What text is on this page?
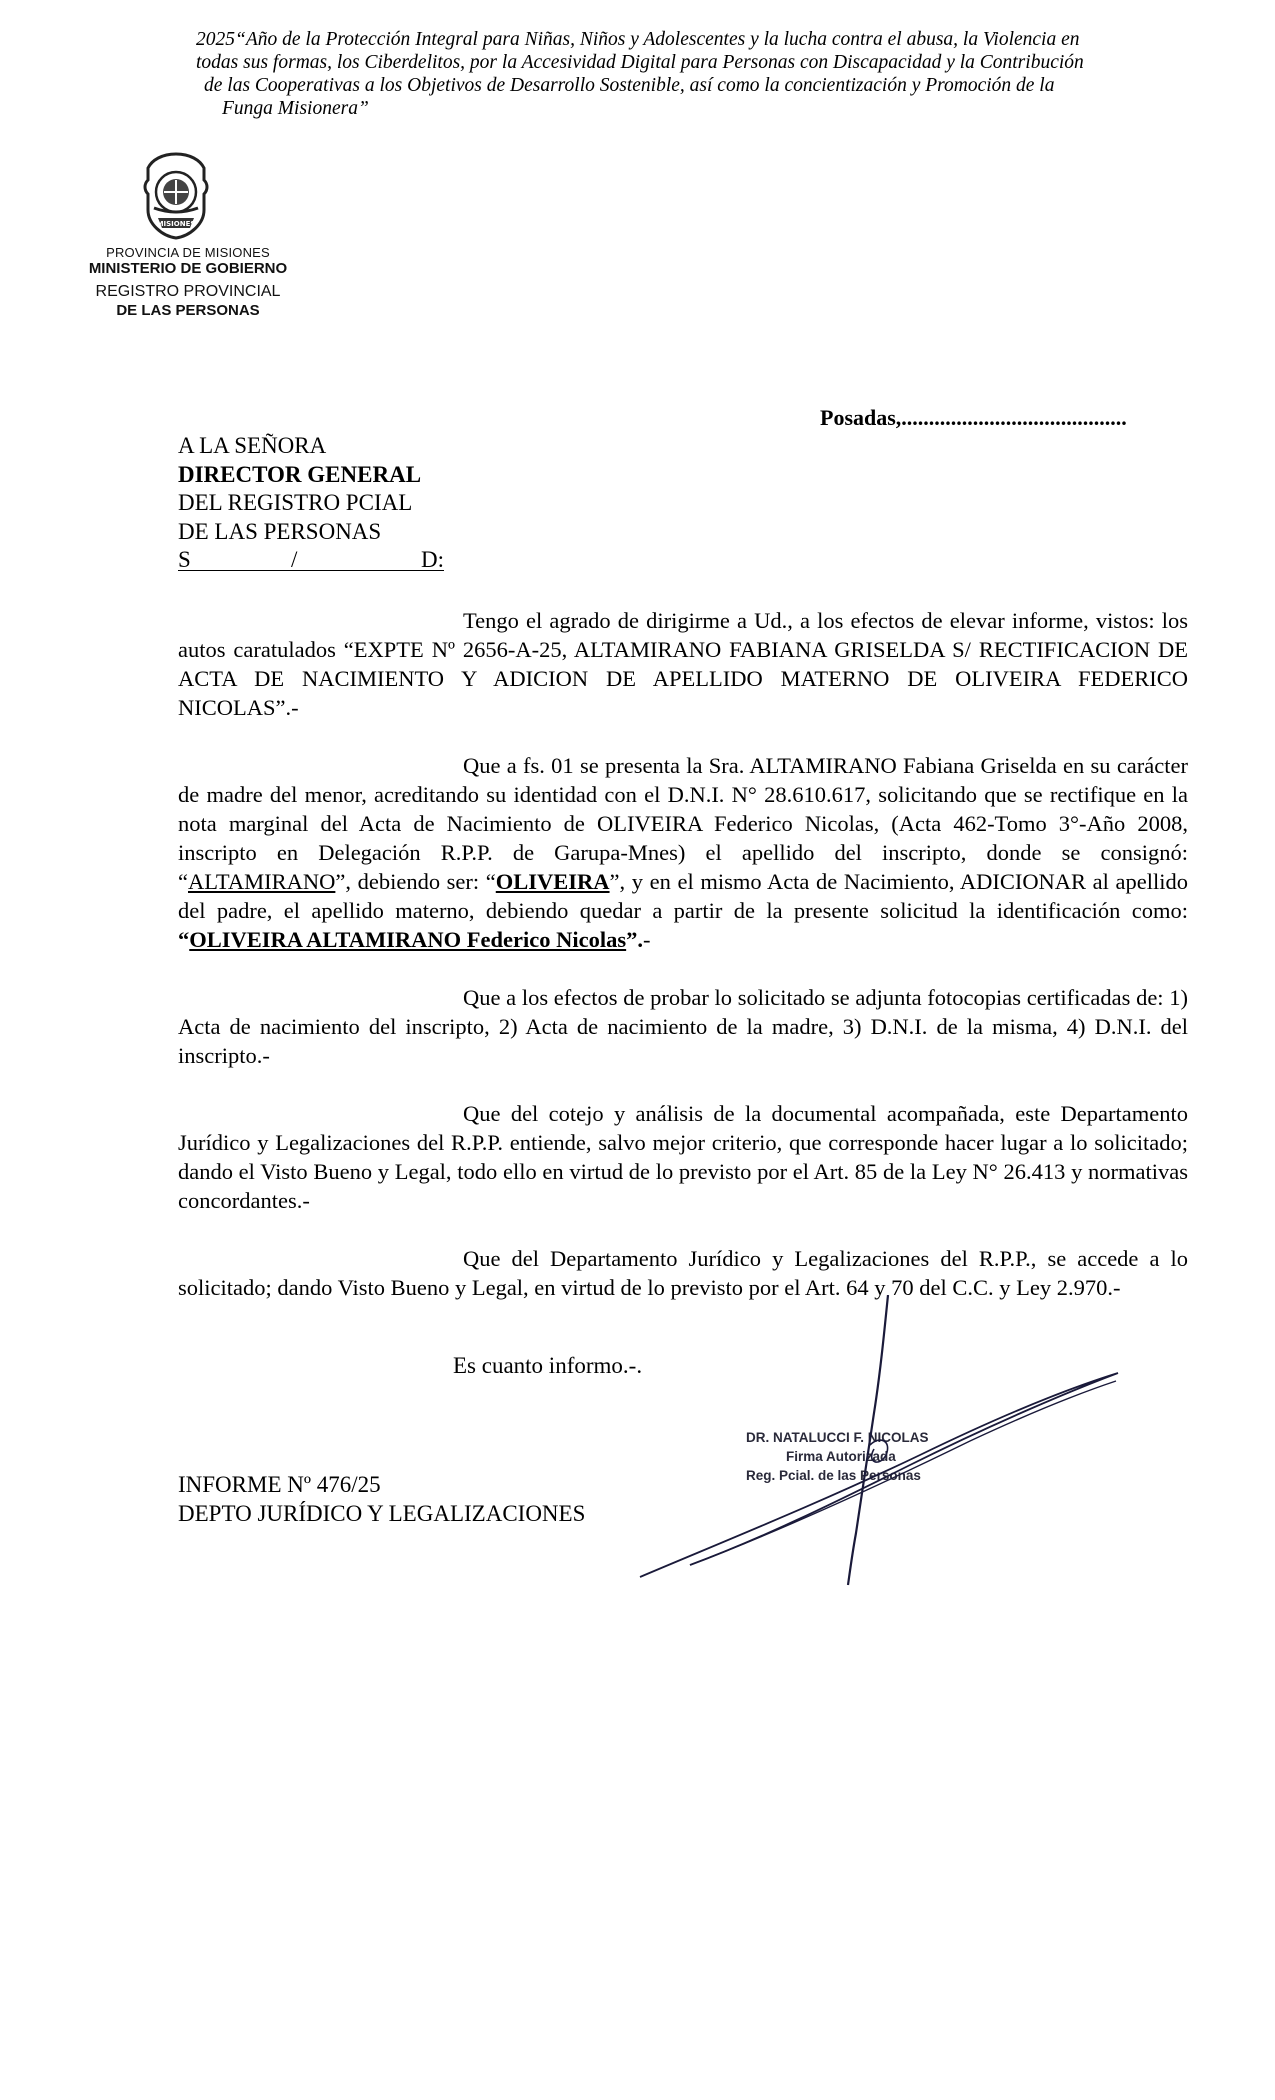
2025“Año de la Protección Integral para Niñas, Niños y Adolescentes y la lucha contra el abusa, la Violencia en
todas sus formas, los Ciberdelitos, por la Accesividad Digital para Personas con Discapacidad y la Contribución
de las Cooperativas a los Objetivos de Desarrollo Sostenible, así como la concientización y Promoción de la
Funga Misionera”
MISIONES
PROVINCIA DE MISIONES
MINISTERIO DE GOBIERNO
REGISTRO PROVINCIAL
DE LAS PERSONAS
Posadas,.........................................
A LA SEÑORA
DIRECTOR GENERAL
DEL REGISTRO PCIAL
DE LAS PERSONAS
S	/	D:

Tengo el agrado de dirigirme a Ud., a los efectos de elevar informe, vistos: los autos caratulados “EXPTE Nº 2656-A-25, ALTAMIRANO FABIANA GRISELDA S/ RECTIFICACION DE ACTA DE NACIMIENTO Y ADICION DE APELLIDO MATERNO DE OLIVEIRA FEDERICO NICOLAS”.-

Que a fs. 01 se presenta la Sra. ALTAMIRANO Fabiana Griselda en su carácter de madre del menor, acreditando su identidad con el D.N.I. N° 28.610.617, solicitando que se rectifique en la nota marginal del Acta de Nacimiento de OLIVEIRA Federico Nicolas, (Acta 462-Tomo 3°-Año 2008, inscripto en Delegación R.P.P. de Garupa-Mnes) el apellido del inscripto, donde se consignó: “ALTAMIRANO”, debiendo ser: “OLIVEIRA”, y en el mismo Acta de Nacimiento, ADICIONAR al apellido del padre, el apellido materno, debiendo quedar a partir de la presente solicitud la identificación como: “OLIVEIRA ALTAMIRANO Federico Nicolas”.-

Que a los efectos de probar lo solicitado se adjunta fotocopias certificadas de: 1) Acta de nacimiento del inscripto, 2) Acta de nacimiento de la madre, 3) D.N.I. de la misma, 4) D.N.I. del inscripto.-

Que del cotejo y análisis de la documental acompañada, este Departamento Jurídico y Legalizaciones del R.P.P. entiende, salvo mejor criterio, que corresponde hacer lugar a lo solicitado; dando el Visto Bueno y Legal, todo ello en virtud de lo previsto por el Art. 85 de la Ley N° 26.413 y normativas concordantes.-

Que del Departamento Jurídico y Legalizaciones del R.P.P., se accede a lo solicitado; dando Visto Bueno y Legal, en virtud de lo previsto por el Art. 64 y 70 del C.C. y Ley 2.970.-

Es cuanto informo.-.
DR. NATALUCCI F. NICOLAS
Firma Autorizada
Reg. Pcial. de las Personas
INFORME Nº 476/25
DEPTO JURÍDICO Y LEGALIZACIONES
